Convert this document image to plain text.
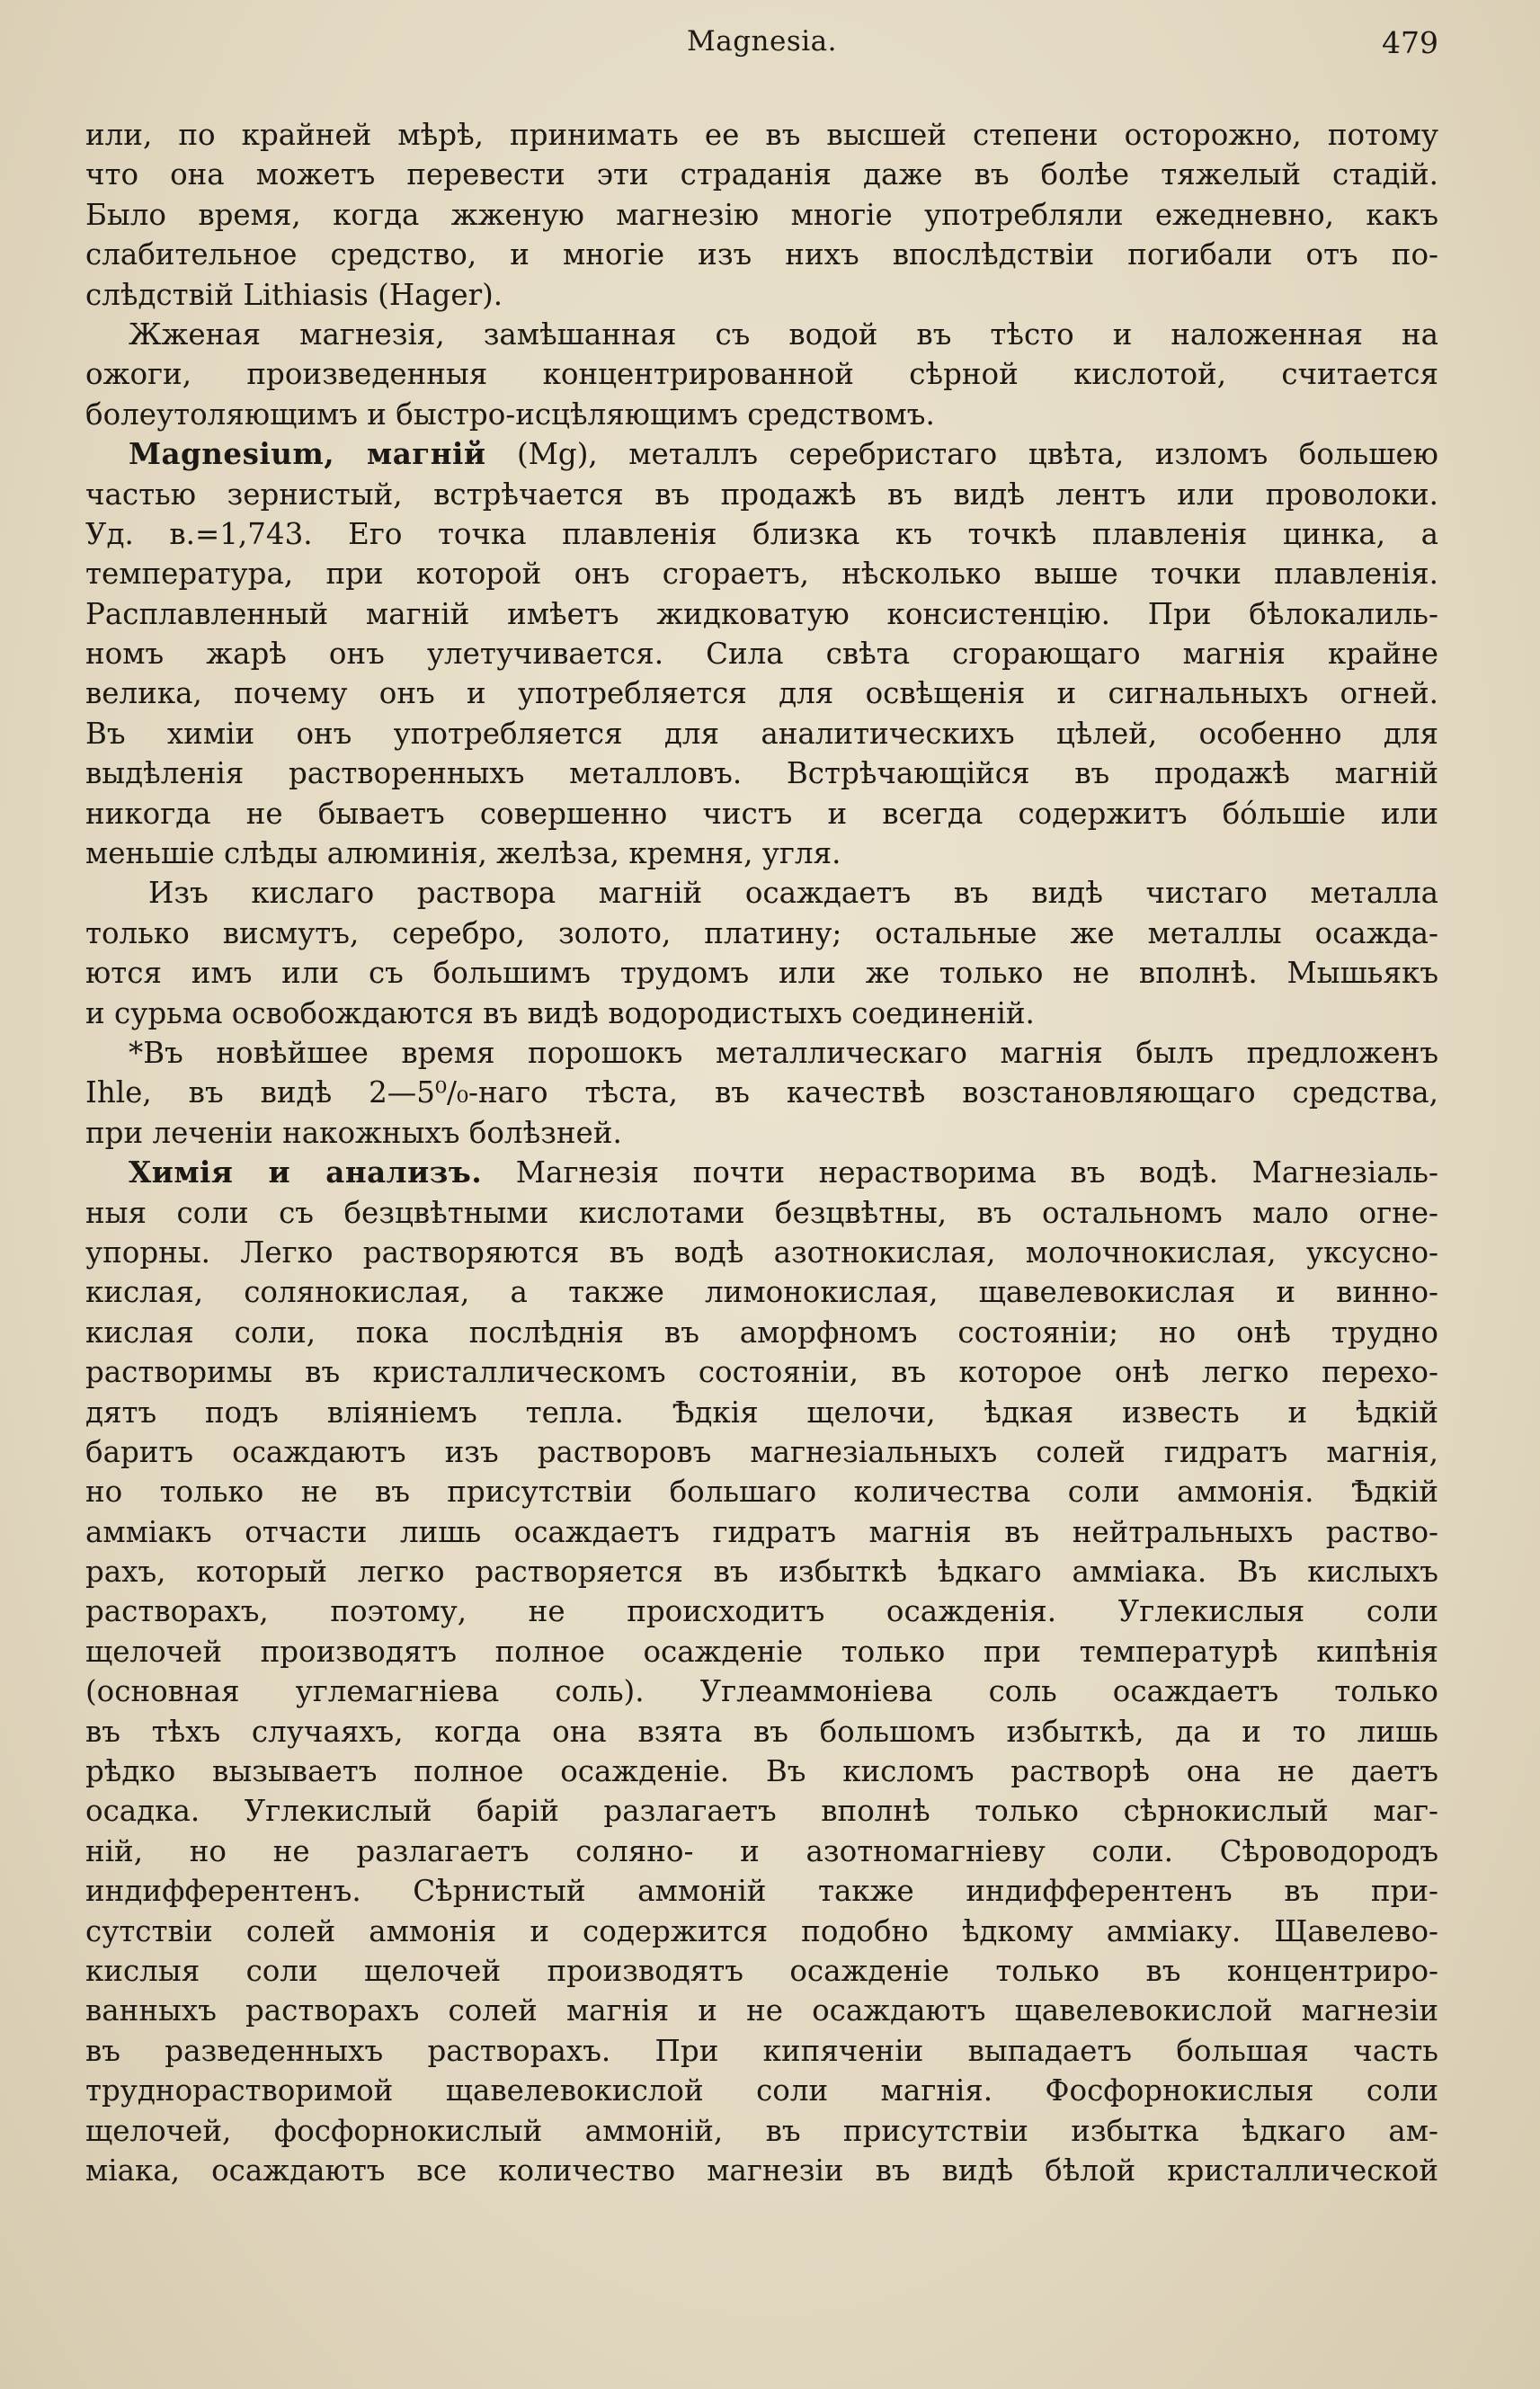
Magnesia.	479
или, по крайней мѣрѣ, принимать ее въ высшей степени осторожно, потому
что она можетъ перевести эти страданія даже въ болѣе тяжелый стадій.
Было время, когда жженую магнезію многіе употребляли ежедневно, какъ
слабительное средство, и многіе изъ нихъ впослѣдствіи погибали отъ по-
слѣдствій Lithiasis (Hager).
Жженая магнезія, замѣшанная съ водой въ тѣсто и наложенная на
ожоги, произведенныя концентрированной сѣрной кислотой, считается
болеутоляющимъ и быстро-исцѣляющимъ средствомъ.
Magnesium, магній (Mg), металлъ серебристаго цвѣта, изломъ большею
частью зернистый, встрѣчается въ продажѣ въ видѣ лентъ или проволоки.
Уд. в.=1,743. Его точка плавленія близка къ точкѣ плавленія цинка, а
температура, при которой онъ сгораетъ, нѣсколько выше точки плавленія.
Расплавленный магній имѣетъ жидковатую консистенцію. При бѣлокалиль-
номъ жарѣ онъ улетучивается. Сила свѣта сгорающаго магнія крайне
велика, почему онъ и употребляется для освѣщенія и сигнальныхъ огней.
Въ химіи онъ употребляется для аналитическихъ цѣлей, особенно для
выдѣленія растворенныхъ металловъ. Встрѣчающійся въ продажѣ магній
никогда не бываетъ совершенно чистъ и всегда содержитъ бóльшіе или
меньшіе слѣды алюминія, желѣза, кремня, угля.
Изъ кислаго раствора магній осаждаетъ въ видѣ чистаго металла
только висмутъ, серебро, золото, платину; остальные же металлы осажда-
ются имъ или съ большимъ трудомъ или же только не вполнѣ. Мышьякъ
и сурьма освобождаются въ видѣ водородистыхъ соединеній.
*Въ новѣйшее время порошокъ металлическаго магнія былъ предложенъ
Ihle, въ видѣ 2—5⁰/₀-наго тѣста, въ качествѣ возстановляющаго средства,
при леченіи накожныхъ болѣзней.
Химія и анализъ. Магнезія почти нерастворима въ водѣ. Магнезіаль-
ныя соли съ безцвѣтными кислотами безцвѣтны, въ остальномъ мало огне-
упорны. Легко растворяются въ водѣ азотнокислая, молочнокислая, уксусно-
кислая, солянокислая, а также лимонокислая, щавелевокислая и винно-
кислая соли, пока послѣднія въ аморфномъ состояніи; но онѣ трудно
растворимы въ кристаллическомъ состояніи, въ которое онѣ легко перехо-
дятъ подъ вліяніемъ тепла. Ѣдкія щелочи, ѣдкая известь и ѣдкій
баритъ осаждаютъ изъ растворовъ магнезіальныхъ солей гидратъ магнія,
но только не въ присутствіи большаго количества соли аммонія. Ѣдкій
амміакъ отчасти лишь осаждаетъ гидратъ магнія въ нейтральныхъ раство-
рахъ, который легко растворяется въ избыткѣ ѣдкаго амміака. Въ кислыхъ
растворахъ, поэтому, не происходитъ осажденія. Углекислыя соли
щелочей производятъ полное осажденіе только при температурѣ кипѣнія
(основная углемагніева соль). Углеаммоніева соль осаждаетъ только
въ тѣхъ случаяхъ, когда она взята въ большомъ избыткѣ, да и то лишь
рѣдко вызываетъ полное осажденіе. Въ кисломъ растворѣ она не даетъ
осадка. Углекислый барій разлагаетъ вполнѣ только сѣрнокислый маг-
ній, но не разлагаетъ соляно- и азотномагніеву соли. Сѣроводородъ
индифферентенъ. Сѣрнистый аммоній также индифферентенъ въ при-
сутствіи солей аммонія и содержится подобно ѣдкому амміаку. Щавелево-
кислыя соли щелочей производятъ осажденіе только въ концентриро-
ванныхъ растворахъ солей магнія и не осаждаютъ щавелевокислой магнезіи
въ разведенныхъ растворахъ. При кипяченіи выпадаетъ большая часть
труднорастворимой щавелевокислой соли магнія. Фосфорнокислыя соли
щелочей, фосфорнокислый аммоній, въ присутствіи избытка ѣдкаго ам-
міака, осаждаютъ все количество магнезіи въ видѣ бѣлой кристаллической
